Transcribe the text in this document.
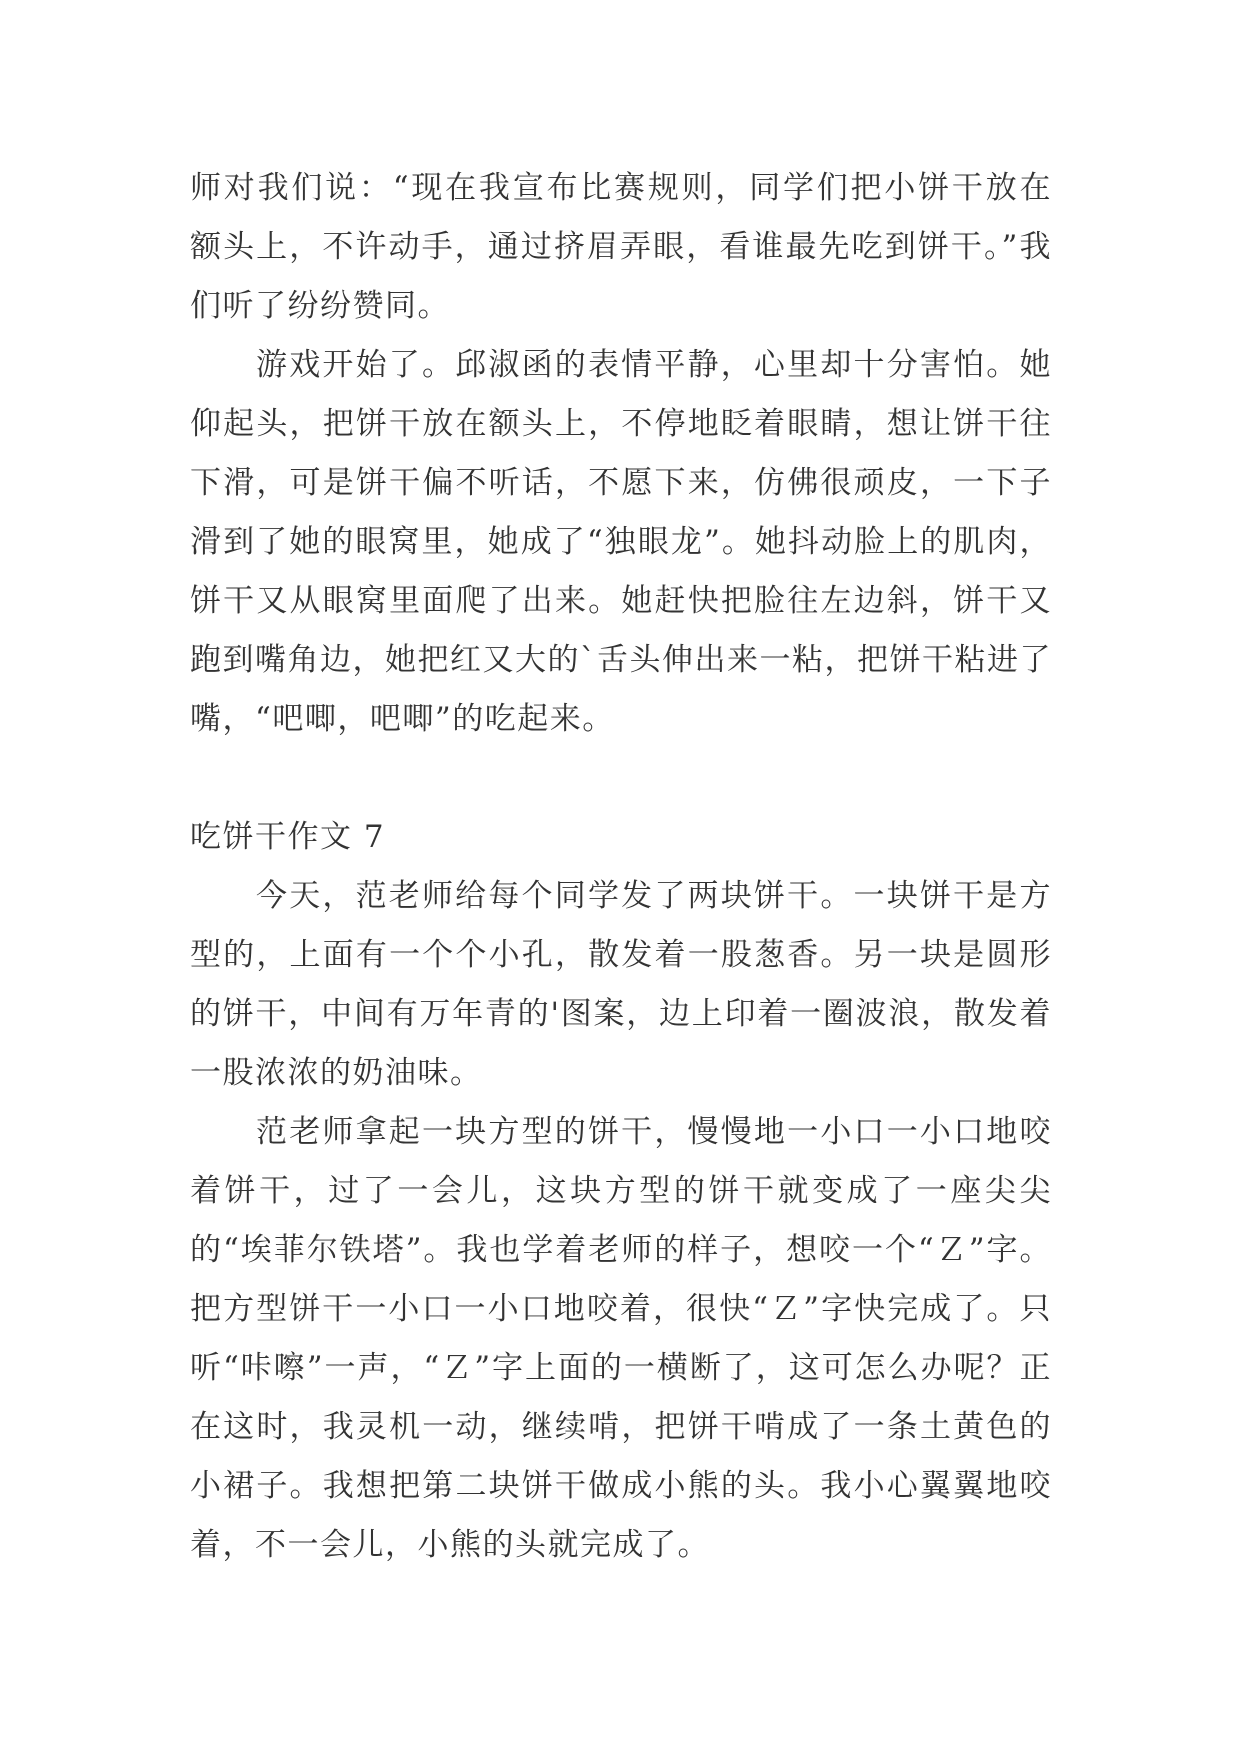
师对我们说：“现在我宣布比赛规则，同学们把小饼干放在额头上，不许动手，通过挤眉弄眼，看谁最先吃到饼干。”我们听了纷纷赞同。

游戏开始了。邱淑函的表情平静，心里却十分害怕。她仰起头，把饼干放在额头上，不停地眨着眼睛，想让饼干往下滑，可是饼干偏不听话，不愿下来，仿佛很顽皮，一下子滑到了她的眼窝里，她成了“独眼龙”。她抖动脸上的肌肉，饼干又从眼窝里面爬了出来。她赶快把脸往左边斜，饼干又跑到嘴角边，她把红又大的`舌头伸出来一粘，把饼干粘进了嘴，“吧唧，吧唧”的吃起来。

吃饼干作文 7

今天，范老师给每个同学发了两块饼干。一块饼干是方型的，上面有一个个小孔，散发着一股葱香。另一块是圆形的饼干，中间有万年青的'图案，边上印着一圈波浪，散发着一股浓浓的奶油味。

范老师拿起一块方型的饼干，慢慢地一小口一小口地咬着饼干，过了一会儿，这块方型的饼干就变成了一座尖尖的“埃菲尔铁塔”。我也学着老师的样子，想咬一个“Ｚ”字。把方型饼干一小口一小口地咬着，很快“Ｚ”字快完成了。只听“咔嚓”一声，“Ｚ”字上面的一横断了，这可怎么办呢？正在这时，我灵机一动，继续啃，把饼干啃成了一条土黄色的小裙子。我想把第二块饼干做成小熊的头。我小心翼翼地咬着，不一会儿，小熊的头就完成了。
